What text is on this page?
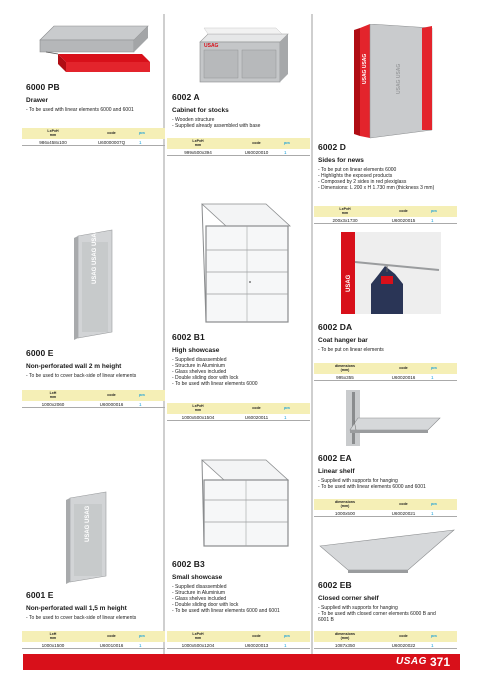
6000 PB
Drawer
- To be used with linear elements 6000 and 6001
LxPxH
mm	code	pcs
986x458x100	U60000007Q	1
USAG USAG USAG
6000 E
Non-perforated wall 2 m height
- To be used to cover back-side of linear elements
LxH
mm	code	pcs
1000x2060	U60000016	1
USAG USAG
6001 E
Non-perforated wall 1,5 m height
- To be used to cover back-side of linear elements
LxH
mm	code	pcs
1000x1500	U60010016	1
USAG
6002 A
Cabinet for stocks
- Wooden structure
- Supplied already assembled with base
LxPxH
mm	code	pcs
999x500x394	U60020010	1
6002 B1
High showcase
- Supplied disassembled
- Structure in Aluminium
- Glass shelves included
- Double sliding door with lock
- To be used with linear elements 6000
LxPxH
mm	code	pcs
1000x500x1504	U60020011	1
6002 B3
Small showcase
- Supplied disassembled
- Structure in Aluminium
- Glass shelves included
- Double sliding door with lock
- To be used with linear elements 6000 and 6001
LxPxH
mm	code	pcs
1000x500x1204	U60020013	1
USAG USAG	USAG USAG
6002 D
Sides for news
- To be put on linear elements 6000
- Highlights the exposed products
- Composed by 2 sides in red plexiglass
- Dimensions: L 200 x H 1.730 mm (thickness 3 mm)
LxPxH
mm	code	pcs
200x3x1730	U60020015	1
USAG
6002 DA
Coat hanger bar
- To be put on linear elements
dimensions
(mm)	code	pcs
995x355	U60020016	1
6002 EA
Linear shelf
- Supplied with supports for hanging
- To be used with linear elements 6000 and 6001
dimensions
(mm)	code	pcs
1000x500	U60020021	1
6002 EB
Closed corner shelf
- Supplied with supports for hanging
- To be used with closed corner elements 6000 B and
6001 B
dimensions
(mm)	code	pcs
1087x350	U60020022	1
USAG 371
